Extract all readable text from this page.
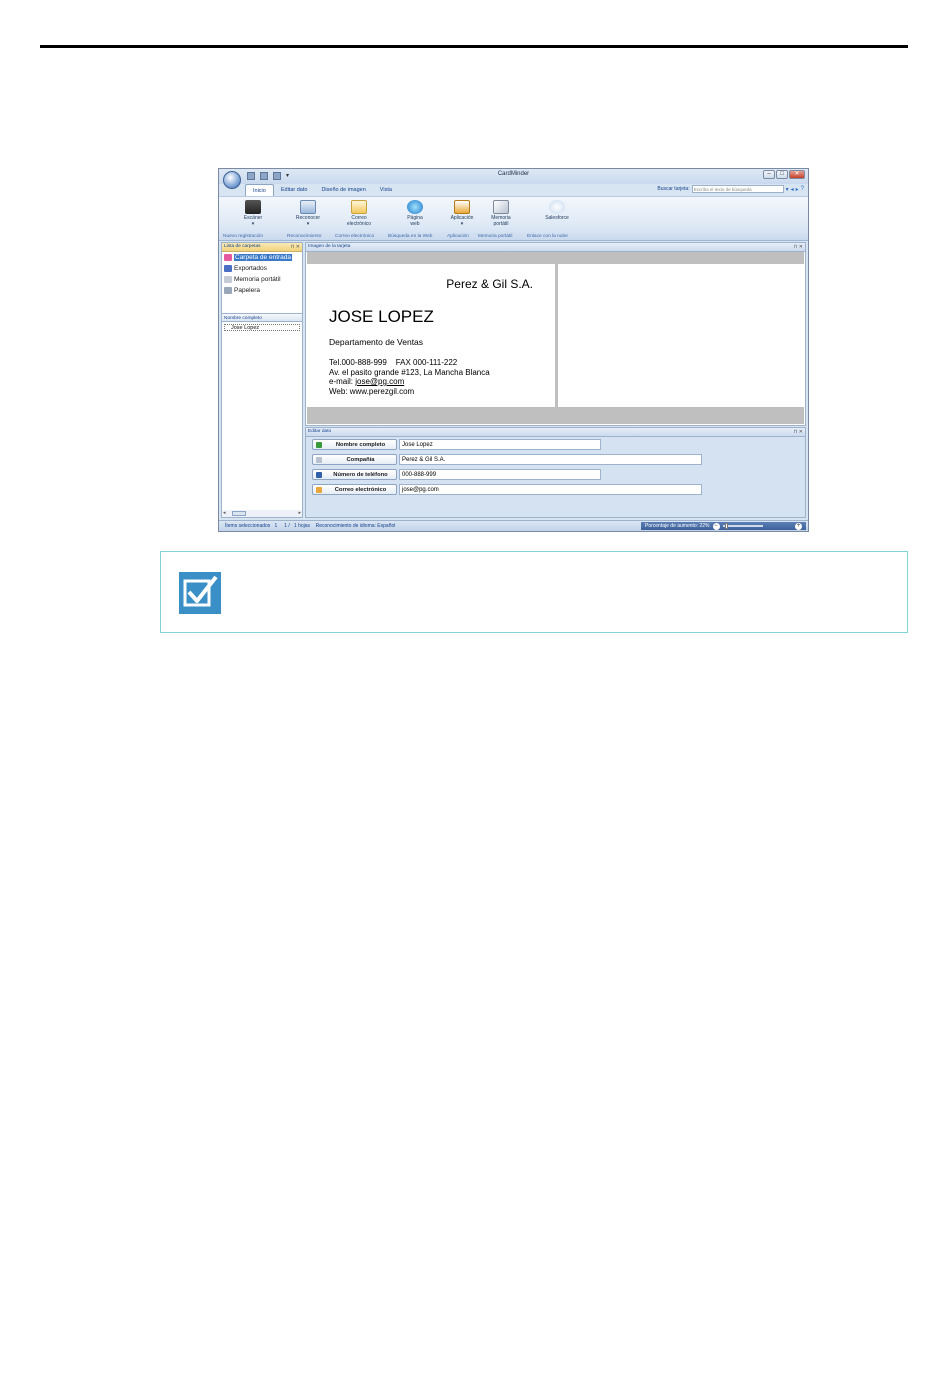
▾	CardMinder	–	□	✕
Inicio	Editar dato	Diseño de imagen	Vista	Buscar tarjeta: Escriba el texto de búsqueda	▾ ◂ ▸ ?
Escáner
▾
Reconocer
▾
Correo
electrónico
Página
web
Aplicación
▾
Memoria
portátil
Salesforce
Nuevo registración	Reconocimiento	Correo electrónico	Búsqueda en la Web	Aplicación Memoria portátil	Enlace con la nube
Lista de carpetas	⊓ ✕
Carpeta de entrada
Exportados
Memoria portátil
Papelera
Nombre completo
Jose Lopez
◂	▸
Imagen de la tarjeta	⊓ ✕
Perez & Gil S.A.
JOSE LOPEZ
Departamento de Ventas
Tel.000-888-999    FAX 000-111-222
Av. el pasito grande #123, La Mancha Blanca
e-mail: jose@pg.com
Web: www.perezgil.com
Editar dato	⊓ ✕
Nombre completo	Jose Lopez
Compañía	Perez & Gil S.A.
Número de teléfono	000-888-999
Correo electrónico	jose@pg.com
Ítems seleccionados   1     1 /   1 hojas    Reconocimiento de idioma: Español	Porcentaje de aumento: 22% −	+
